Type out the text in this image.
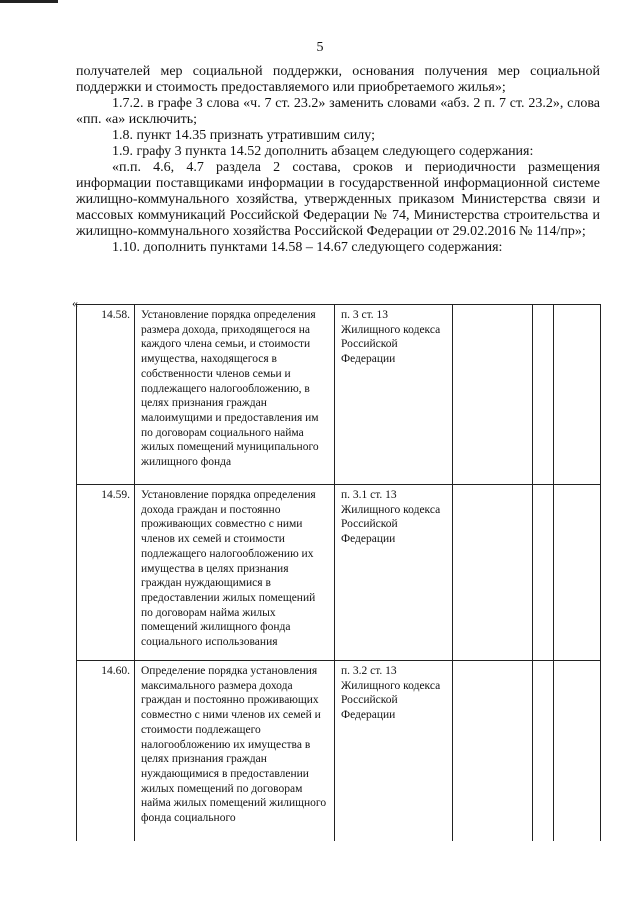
5

получателей мер социальной поддержки, основания получения мер социальной поддержки и стоимость предоставляемого или приобретаемого жилья»;

1.7.2. в графе 3 слова «ч. 7 ст. 23.2» заменить словами «абз. 2 п. 7 ст. 23.2», слова «пп. «а» исключить;

1.8. пункт 14.35 признать утратившим силу;

1.9. графу 3 пункта 14.52 дополнить абзацем следующего содержания:

«п.п. 4.6, 4.7 раздела 2 состава, сроков и периодичности размещения информации поставщиками информации в государственной информационной системе жилищно-коммунального хозяйства, утвержденных приказом Министерства связи и массовых коммуникаций Российской Федерации № 74, Министерства строительства и жилищно-коммунального хозяйства Российской Федерации от 29.02.2016 № 114/пр»;

1.10. дополнить пунктами 14.58 – 14.67 следующего содержания:

«
14.58.	Установление порядка определения размера дохода, приходящегося на каждого члена семьи, и стоимости имущества, находящегося в собственности членов семьи и подлежащего налогообложению, в целях признания граждан малоимущими и предоставления им по договорам социального найма жилых помещений муниципального жилищного фонда	п. 3 ст. 13 Жилищного кодекса Российской Федерации			

14.59.	Установление порядка определения дохода граждан и постоянно проживающих совместно с ними членов их семей и стоимости подлежащего налогообложению их имущества в целях признания граждан нуждающимися в предоставлении жилых помещений по договорам найма жилых помещений жилищного фонда социального использования	п. 3.1 ст. 13 Жилищного кодекса Российской Федерации			

14.60.	Определение порядка установления максимального размера дохода граждан и постоянно проживающих совместно с ними членов их семей и стоимости подлежащего налогообложению их имущества в целях признания граждан нуждающимися в предоставлении жилых помещений по договорам найма жилых помещений жилищного фонда социального	п. 3.2 ст. 13 Жилищного кодекса Российской Федерации			
